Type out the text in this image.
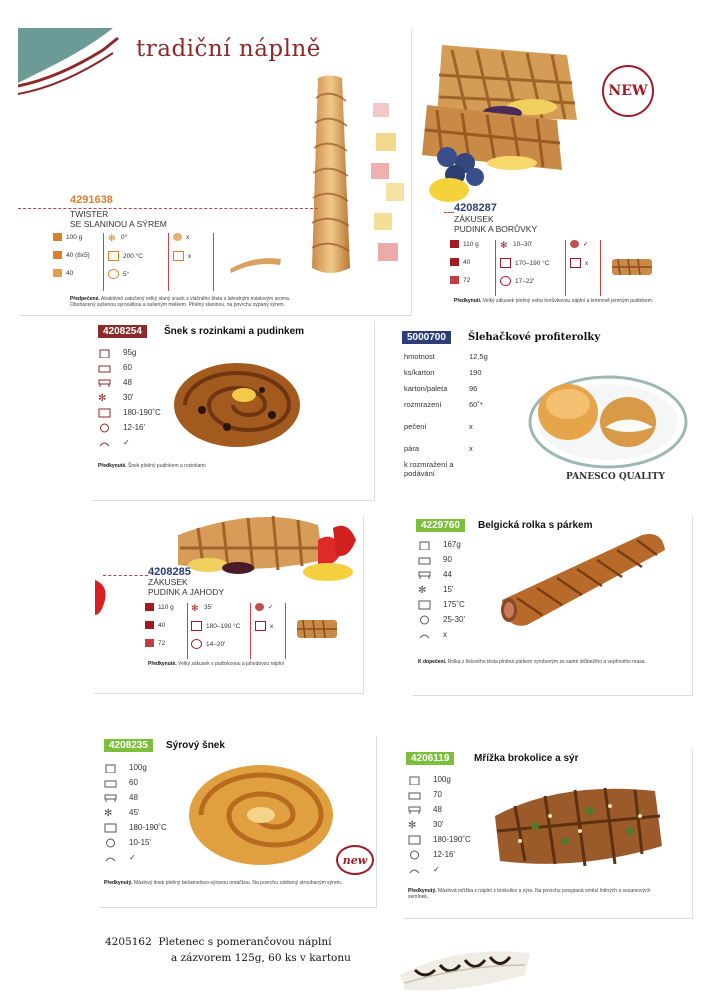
tradiční náplně
4291638
TWISTER
SE SLANINOU A SÝREM
100 g	✻ 0°	x
40 (8x5)	200 °C	x
40	5°
Předpečené. Atraktivně zatočený velký slaný snack z vláčného těsta s lahodným máslovým aroma. Obohacený sušenou syrovátkou a sušeným mlékem. Plněný slaninou, na povrchu sypaný sýrem.
NEW
4208287
ZÁKUSEK
PUDINK A BORŮVKY
110 g ✻ 10–30'	✓
40	170–190 °C	x
72	17–22'
Předkynutí. Velký zákusek plněný extra borůvkovou náplní a krémově jemným pudinkem.
4208254	Šnek s rozinkami a pudinkem
95g
60
48
✻	30'
180-190˚C
12-16'
✓
Předkynuté. Šnek plněný pudinkem a rozinkami
5000700	Šlehačkové profiterolky
hmotnost	12,5g
ks/karton	190
karton/paleta	96
rozmrazení	60˚*
pečení	x
pára	x
k rozmražení a podávání	PANESCO QUALITY
4208285
ZÁKUSEK
PUDINK A JAHODY
110 g ✻ 35'	✓
40	180–190 °C	x
72	14–20'
Předkynuté. Velký zákusek s pudinkovou a jahodovou náplní
4229760	Belgická rolka s párkem
167g
90
44
✻	15'
175˚C
25-30'
x
K dopečení. Rolka z listového těsta plněná párkem vyrobeným ze samé drůbežího a vepřového masa.
4208235	Sýrový šnek
100g
60
48
✻	45'
180-190˚C
10-15'
✓	new
Předkynutý. Máslový šnek plněný bešamelovo-sýrovou omáčkou. Na povrchu zdobený strouhaným sýrem.
4206119	Mřížka brokolice a sýr
100g
70
48
✻	30'
180-190˚C
12-16'
✓
Předkynutý. Máslová mřížka s náplní z brokolice a sýra. Na povrchu posypaná směsí lněných a sezamových semínek.
4205162 Pletenec s pomerančovou náplní
a zázvorem 125g, 60 ks v kartonu
